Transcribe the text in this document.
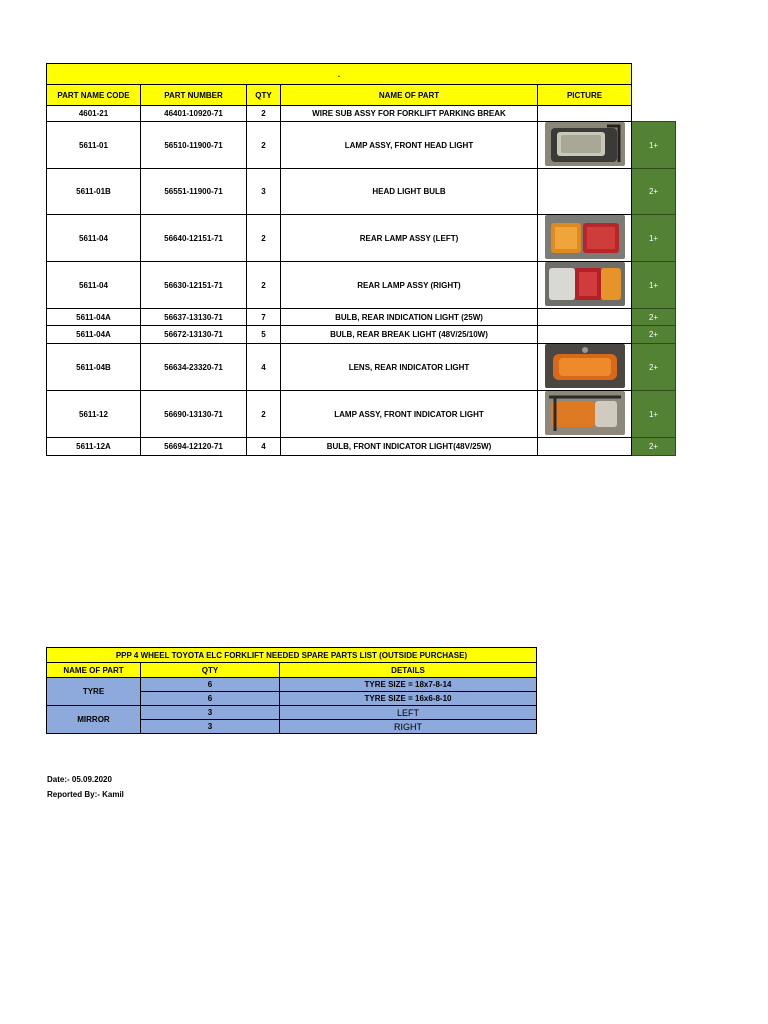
.					
PART NAME CODE	PART NUMBER	QTY	NAME OF PART	PICTURE	
4601-21	46401-10920-71	2	WIRE SUB ASSY FOR FORKLIFT PARKING BREAK		
5611-01	56510-11900-71	2	LAMP ASSY, FRONT HEAD LIGHT		1+
5611-01B	56551-11900-71	3	HEAD LIGHT BULB		2+
5611-04	56640-12151-71	2	REAR LAMP ASSY (LEFT)		1+
5611-04	56630-12151-71	2	REAR LAMP ASSY (RIGHT)		1+
5611-04A	56637-13130-71	7	BULB, REAR INDICATION LIGHT (25W)		2+
5611-04A	56672-13130-71	5	BULB, REAR BREAK LIGHT (48V/25/10W)		2+
5611-04B	56634-23320-71	4	LENS, REAR INDICATOR LIGHT		2+
5611-12	56690-13130-71	2	LAMP ASSY, FRONT INDICATOR LIGHT		1+
5611-12A	56694-12120-71	4	BULB, FRONT INDICATOR LIGHT(48V/25W)		2+
PPP 4 WHEEL TOYOTA ELC FORKLIFT NEEDED SPARE PARTS LIST (OUTSIDE PURCHASE)		
NAME OF PART	QTY	DETAILS
TYRE	6	TYRE SIZE = 18x7-8-14
	6	TYRE SIZE = 16x6-8-10
MIRROR	3	LEFT
	3	RIGHT
Date:- 05.09.2020
Reported By:- Kamil
